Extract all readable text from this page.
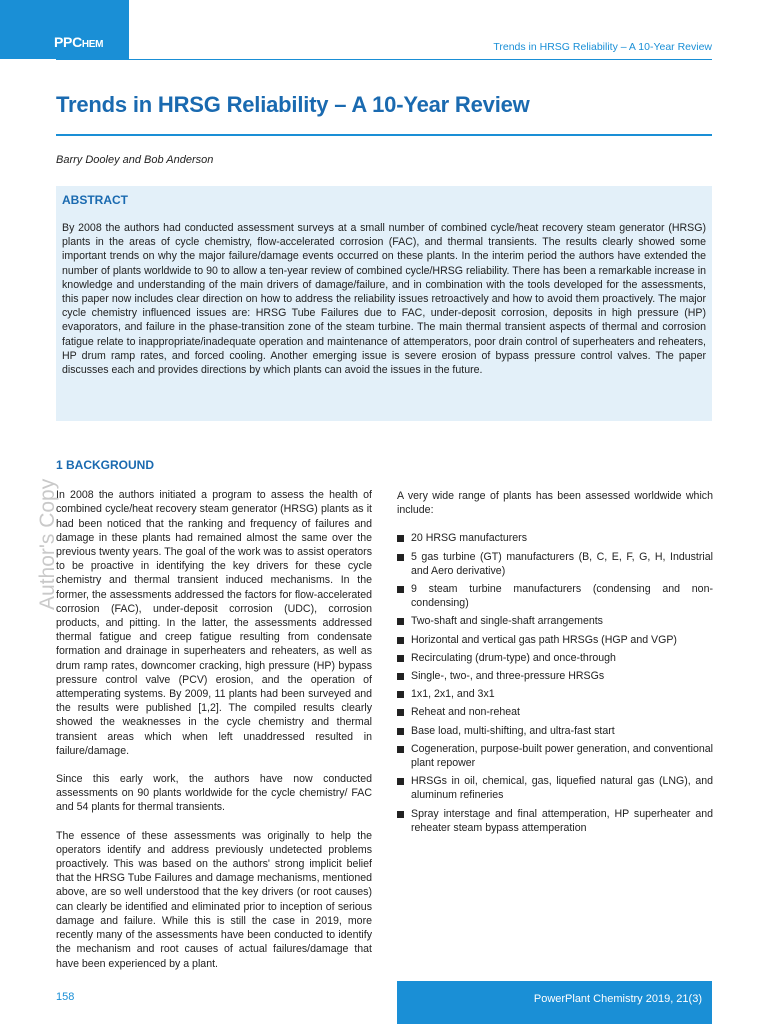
PPCHEM	Trends in HRSG Reliability – A 10-Year Review
Trends in HRSG Reliability – A 10-Year Review
Barry Dooley and Bob Anderson
ABSTRACT

By 2008 the authors had conducted assessment surveys at a small number of combined cycle/heat recovery steam generator (HRSG) plants in the areas of cycle chemistry, flow-accelerated corrosion (FAC), and thermal transients. The results clearly showed some important trends on why the major failure/damage events occurred on these plants. In the interim period the authors have extended the number of plants worldwide to 90 to allow a ten-year review of combined cycle/HRSG reliability. There has been a remarkable increase in knowledge and understanding of the main drivers of damage/failure, and in combination with the tools developed for the assessments, this paper now includes clear direction on how to address the reliability issues retroactively and how to avoid them proactively. The major cycle chemistry influenced issues are: HRSG Tube Failures due to FAC, under-deposit corrosion, deposits in high pressure (HP) evaporators, and failure in the phase-transition zone of the steam turbine. The main thermal transient aspects of thermal and corrosion fatigue relate to inappropriate/inadequate operation and maintenance of attemperators, poor drain control of superheaters and reheaters, HP drum ramp rates, and forced cooling. Another emerging issue is severe erosion of bypass pressure control valves. The paper discusses each and provides directions by which plants can avoid the issues in the future.

Author's Copy
1 BACKGROUND

In 2008 the authors initiated a program to assess the health of combined cycle/heat recovery steam generator (HRSG) plants as it had been noticed that the ranking and frequency of failures and damage in these plants had remained almost the same over the previous twenty years. The goal of the work was to assist operators to be proactive in identifying the key drivers for these cycle chemistry and thermal transient induced mechanisms. In the former, the assessments addressed the factors for flow-accelerated corrosion (FAC), under-deposit corrosion (UDC), corrosion products, and pitting. In the latter, the assessments addressed thermal fatigue and creep fatigue resulting from condensate formation and drainage in superheaters and reheaters, as well as drum ramp rates, downcomer cracking, high pressure (HP) bypass pressure control valve (PCV) erosion, and the operation of attemperating systems. By 2009, 11 plants had been surveyed and the results were published [1,2]. The compiled results clearly showed the weaknesses in the cycle chemistry and thermal transient areas which when left unaddressed resulted in failure/damage.

Since this early work, the authors have now conducted assessments on 90 plants worldwide for the cycle chemistry/ FAC and 54 plants for thermal transients.

The essence of these assessments was originally to help the operators identify and address previously undetected problems proactively. This was based on the authors' strong implicit belief that the HRSG Tube Failures and damage mechanisms, mentioned above, are so well understood that the key drivers (or root causes) can clearly be identified and eliminated prior to inception of serious damage and failure. While this is still the case in 2019, more recently many of the assessments have been conducted to identify the mechanism and root causes of actual failures/damage that have been experienced by a plant.

A very wide range of plants has been assessed worldwide which include:

20 HRSG manufacturers
5 gas turbine (GT) manufacturers (B, C, E, F, G, H, Industrial and Aero derivative)
9 steam turbine manufacturers (condensing and non-condensing)
Two-shaft and single-shaft arrangements
Horizontal and vertical gas path HRSGs (HGP and VGP)
Recirculating (drum-type) and once-through
Single-, two-, and three-pressure HRSGs
1x1, 2x1, and 3x1
Reheat and non-reheat
Base load, multi-shifting, and ultra-fast start
Cogeneration, purpose-built power generation, and conventional plant repower
HRSGs in oil, chemical, gas, liquefied natural gas (LNG), and aluminum refineries
Spray interstage and final attemperation, HP superheater and reheater steam bypass attemperation
158	PowerPlant Chemistry 2019, 21(3)
